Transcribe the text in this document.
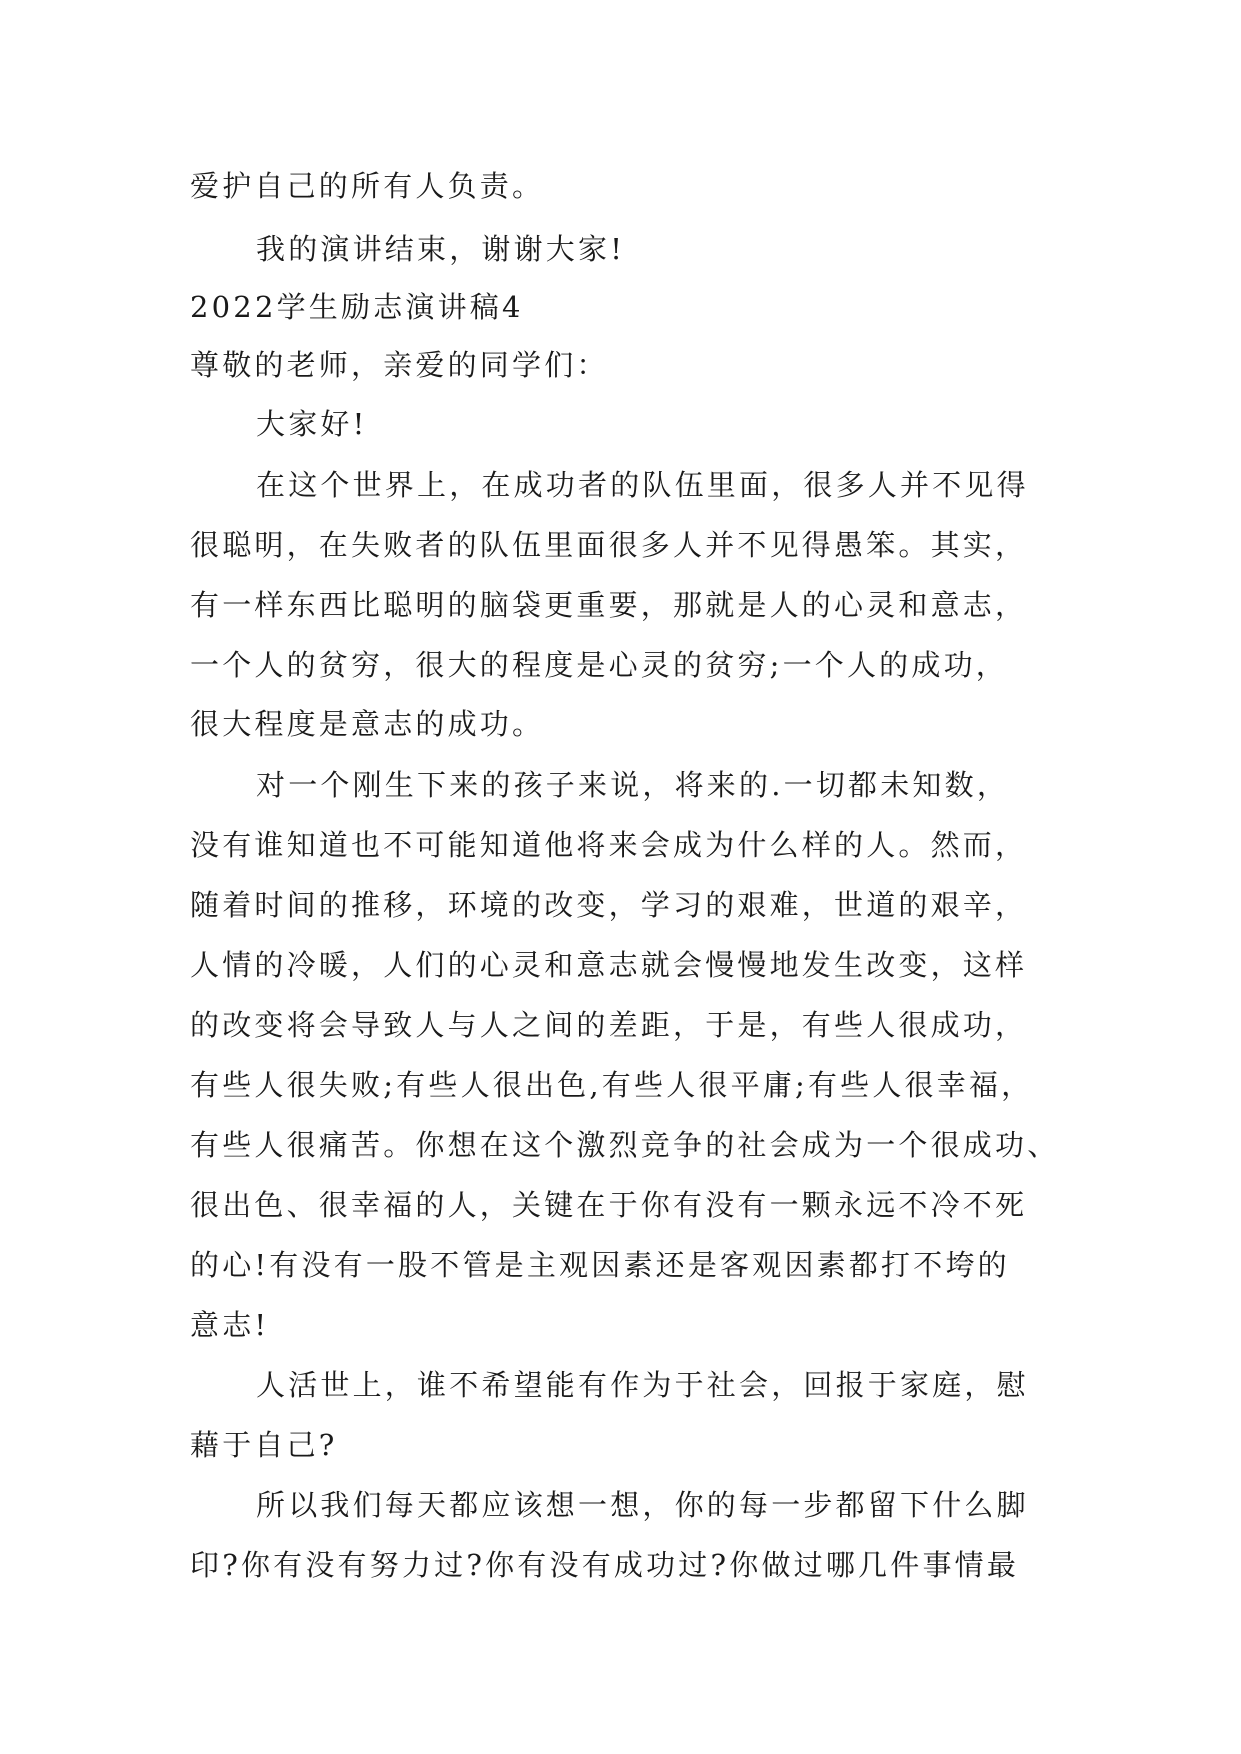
爱护自己的所有人负责。
我的演讲结束，谢谢大家!
2022学生励志演讲稿4
尊敬的老师，亲爱的同学们：
大家好!
在这个世界上，在成功者的队伍里面，很多人并不见得
很聪明，在失败者的队伍里面很多人并不见得愚笨。其实，
有一样东西比聪明的脑袋更重要，那就是人的心灵和意志，
一个人的贫穷，很大的程度是心灵的贫穷;一个人的成功，
很大程度是意志的成功。
对一个刚生下来的孩子来说，将来的.一切都未知数，
没有谁知道也不可能知道他将来会成为什么样的人。然而，
随着时间的推移，环境的改变，学习的艰难，世道的艰辛，
人情的冷暖，人们的心灵和意志就会慢慢地发生改变，这样
的改变将会导致人与人之间的差距，于是，有些人很成功，
有些人很失败;有些人很出色,有些人很平庸;有些人很幸福，
有些人很痛苦。你想在这个激烈竞争的社会成为一个很成功、
很出色、很幸福的人，关键在于你有没有一颗永远不冷不死
的心!有没有一股不管是主观因素还是客观因素都打不垮的
意志!
人活世上，谁不希望能有作为于社会，回报于家庭，慰
藉于自己?
所以我们每天都应该想一想，你的每一步都留下什么脚
印?你有没有努力过?你有没有成功过?你做过哪几件事情最
